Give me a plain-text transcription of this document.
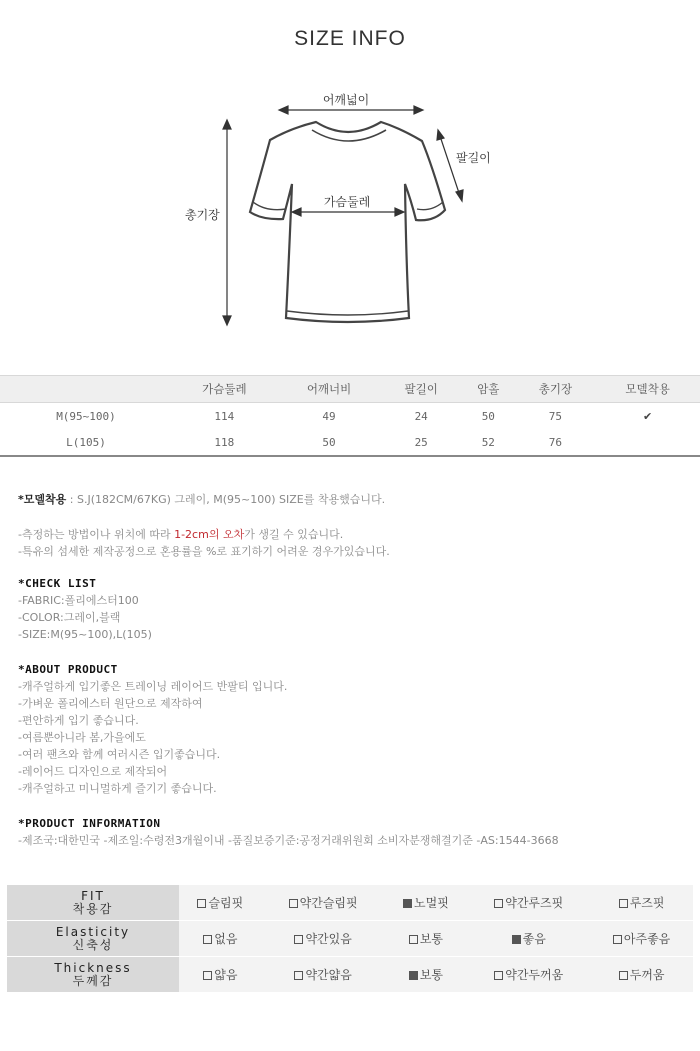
SIZE INFO
어깨넓이
팔길이
가슴둘레
총기장
	가슴둘레	어깨너비	팔길이	암홀	총기장	모델착용
M(95~100)	114	49	24	50	75	✔
L(105)	118	50	25	52	76	
*모델착용 : S.J(182CM/67KG) 그레이, M(95~100) SIZE를 착용했습니다.
-측정하는 방법이나 위치에 따라 1-2cm의 오차가 생길 수 있습니다.
-특유의 섬세한 제작공정으로 혼용률을 %로 표기하기 어려운 경우가있습니다.
*CHECK LIST
-FABRIC:폴리에스터100
-COLOR:그레이,블랙
-SIZE:M(95~100),L(105)
*ABOUT PRODUCT
-캐주얼하게 입기좋은 트레이닝 레이어드 반팔티 입니다.
-가벼운 폴리에스터 원단으로 제작하여
-편안하게 입기 좋습니다.
-여름뿐아니라 봄,가을에도
-여러 팬츠와 함께 여러시즌 입기좋습니다.
-레이어드 디자인으로 제작되어
-캐주얼하고 미니멀하게 즐기기 좋습니다.
*PRODUCT INFORMATION
-제조국:대한민국 -제조일:수령전3개월이내 -품질보증기준:공정거래위원회 소비자분쟁해결기준 -AS:1544-3668
FIT
착용감	슬림핏	약간슬림핏	노멀핏	약간루즈핏	루즈핏

Elasticity
신축성	없음	약간있음	보통	좋음	아주좋음

Thickness
두께감	얇음	약간얇음	보통	약간두꺼움	두꺼움
